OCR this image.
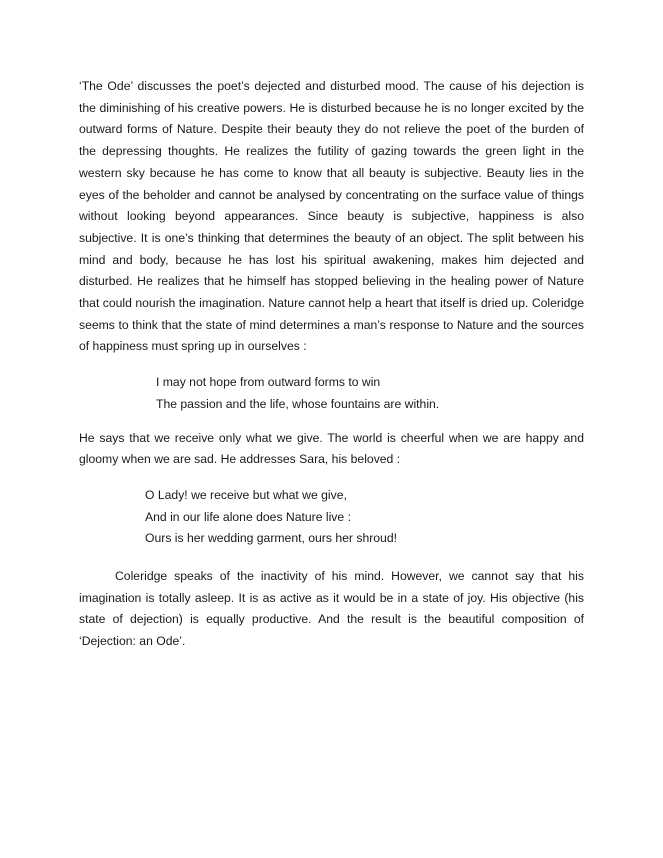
‘The Ode’ discusses the poet’s dejected and disturbed mood. The cause of his dejection is the diminishing of his creative powers. He is disturbed because he is no longer excited by the outward forms of Nature. Despite their beauty they do not relieve the poet of the burden of the depressing thoughts. He realizes the futility of gazing towards the green light in the western sky because he has come to know that all beauty is subjective. Beauty lies in the eyes of the beholder and cannot be analysed by concentrating on the surface value of things without looking beyond appearances. Since beauty is subjective, happiness is also subjective. It is one’s thinking that determines the beauty of an object. The split between his mind and body, because he has lost his spiritual awakening, makes him dejected and disturbed. He realizes that he himself has stopped believing in the healing power of Nature that could nourish the imagination. Nature cannot help a heart that itself is dried up. Coleridge seems to think that the state of mind determines a man’s response to Nature and the sources of happiness must spring up in ourselves :

I may not hope from outward forms to win
The passion and the life, whose fountains are within.

He says that we receive only what we give. The world is cheerful when we are happy and gloomy when we are sad. He addresses Sara, his beloved :

O Lady! we receive but what we give,
And in our life alone does Nature live :
Ours is her wedding garment, ours her shroud!

Coleridge speaks of the inactivity of his mind. However, we cannot say that his imagination is totally asleep. It is as active as it would be in a state of joy. His objective (his state of dejection) is equally productive. And the result is the beautiful composition of ‘Dejection: an Ode’.
